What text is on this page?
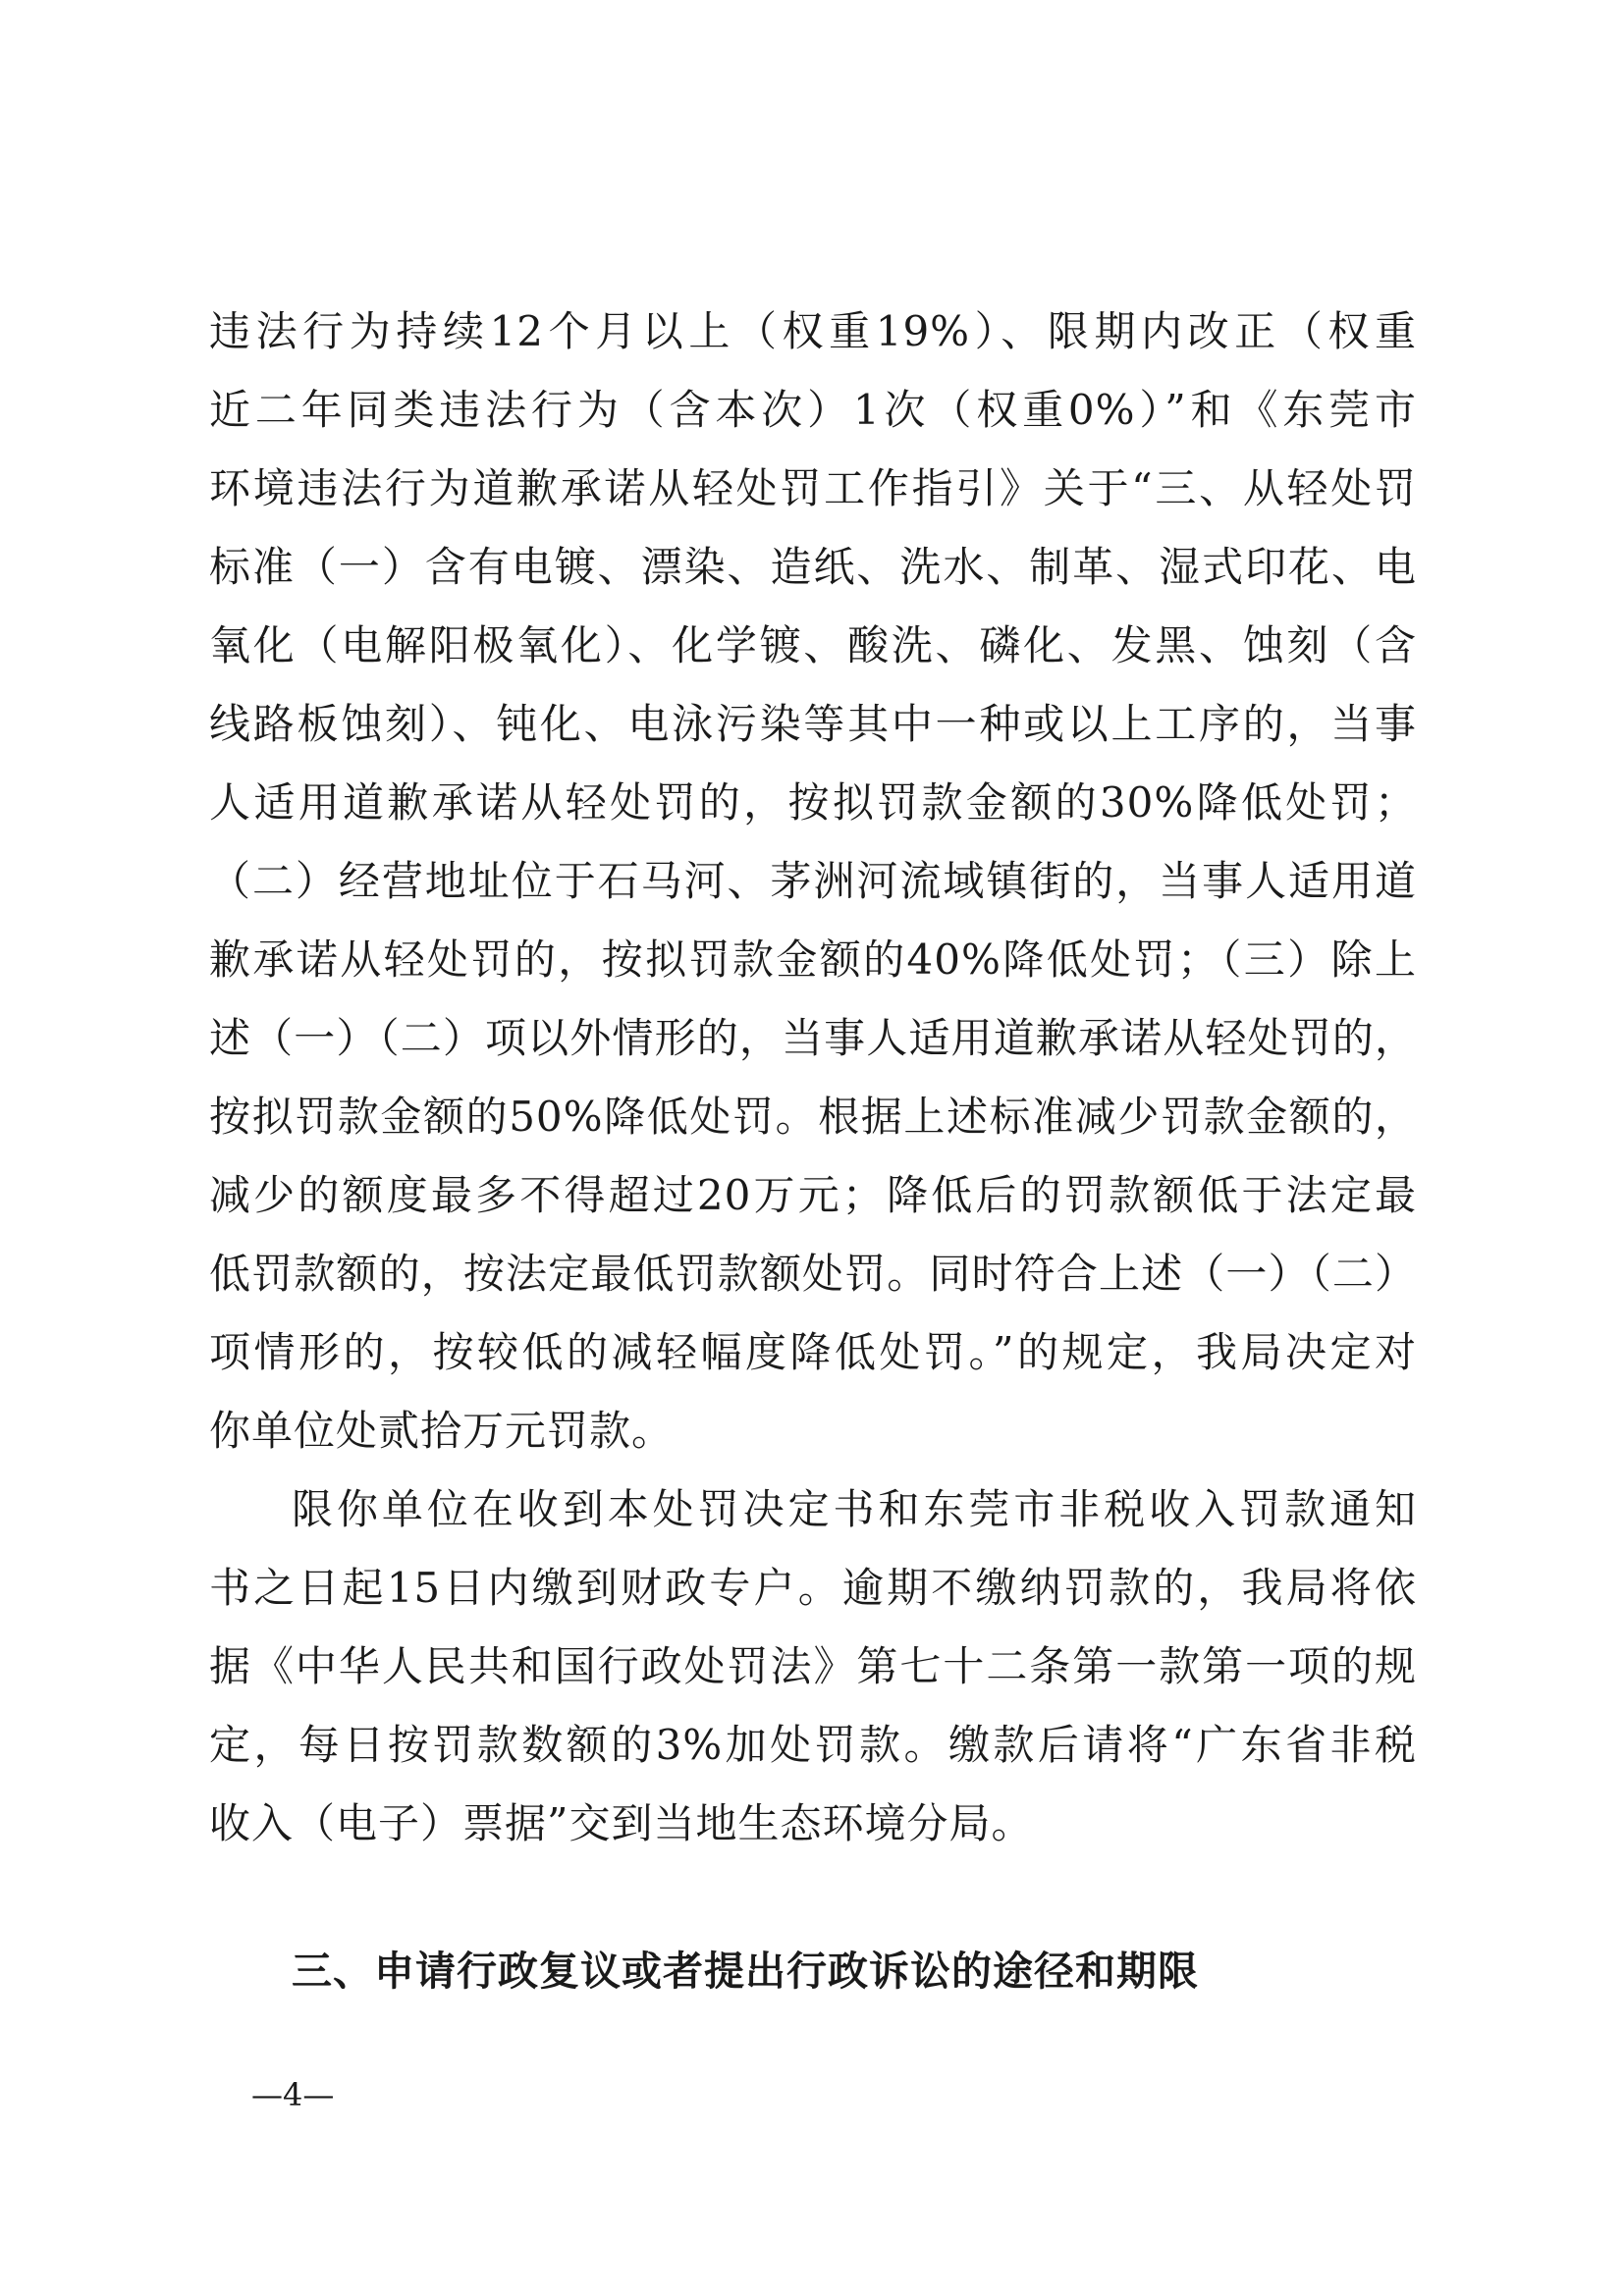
违法行为持续12个月以上（权重19%）、限期内改正（权重
近二年同类违法行为（含本次）1次（权重0%）”和《东莞市
环境违法行为道歉承诺从轻处罚工作指引》关于“三、从轻处罚
标准（一）含有电镀、漂染、造纸、洗水、制革、湿式印花、电
氧化（电解阳极氧化）、化学镀、酸洗、磷化、发黑、蚀刻（含
线路板蚀刻）、钝化、电泳污染等其中一种或以上工序的，当事
人适用道歉承诺从轻处罚的，按拟罚款金额的30%降低处罚；
（二）经营地址位于石马河、茅洲河流域镇街的，当事人适用道
歉承诺从轻处罚的，按拟罚款金额的40%降低处罚；（三）除上
述（一）（二）项以外情形的，当事人适用道歉承诺从轻处罚的，
按拟罚款金额的50%降低处罚。根据上述标准减少罚款金额的，
减少的额度最多不得超过20万元；降低后的罚款额低于法定最
低罚款额的，按法定最低罚款额处罚。同时符合上述（一）（二）
项情形的，按较低的减轻幅度降低处罚。”的规定，我局决定对
你单位处贰拾万元罚款。
限你单位在收到本处罚决定书和东莞市非税收入罚款通知
书之日起15日内缴到财政专户。逾期不缴纳罚款的，我局将依
据《中华人民共和国行政处罚法》第七十二条第一款第一项的规
定，每日按罚款数额的3%加处罚款。缴款后请将“广东省非税
收入（电子）票据”交到当地生态环境分局。
三、申请行政复议或者提出行政诉讼的途径和期限
—4—
